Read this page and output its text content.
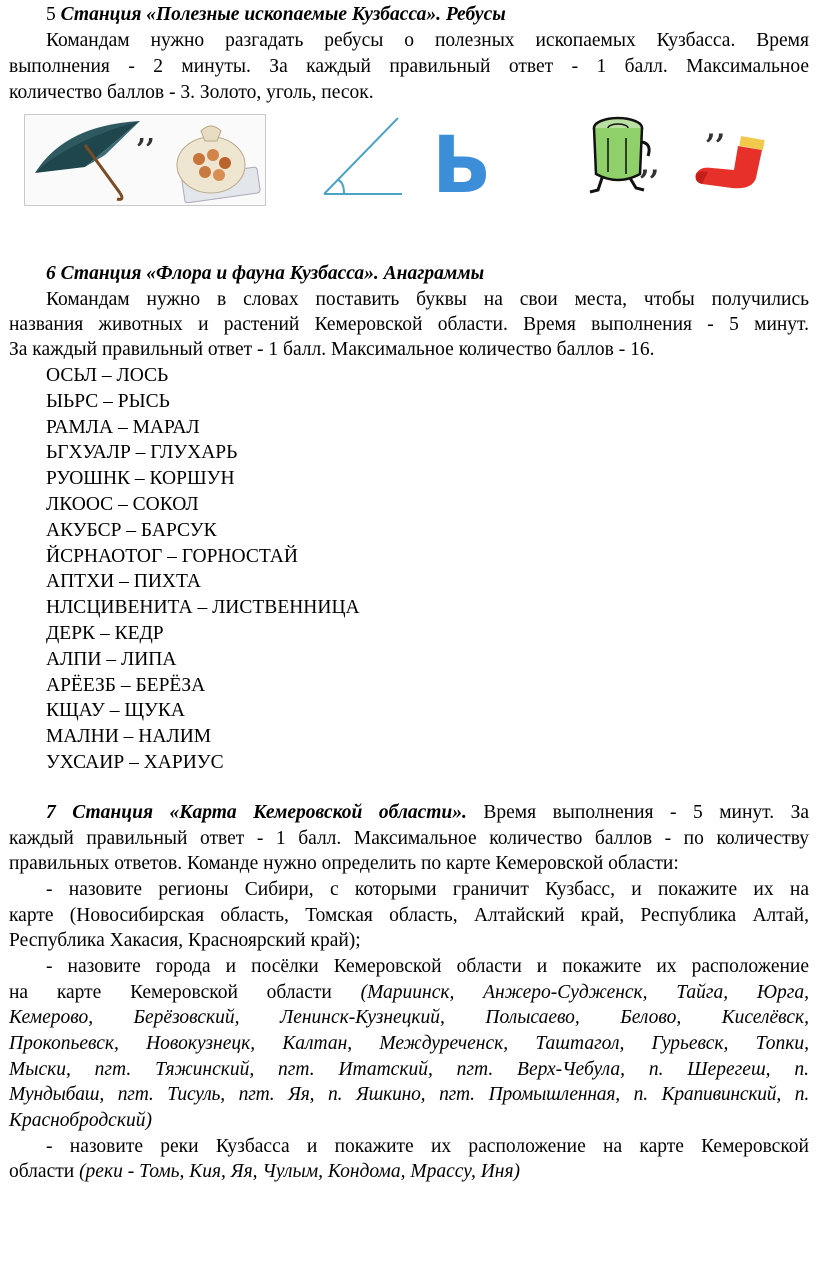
5 Станция «Полезные ископаемые Кузбасса». Ребусы

Командам нужно разгадать ребусы о полезных ископаемых Кузбасса. Время

выполнения - 2 минуты. За каждый правильный ответ - 1 балл. Максимальное

количество баллов - 3. Золото, уголь, песок.

,,	Ь	,,
,,

6 Станция «Флора и фауна Кузбасса». Анаграммы

Командам нужно в словах поставить буквы на свои места, чтобы получились

названия животных и растений Кемеровской области. Время выполнения - 5 минут.

За каждый правильный ответ - 1 балл. Максимальное количество баллов - 16.

ОСЬЛ – ЛОСЬ
ЫЬРС – РЫСЬ
РАМЛА – МАРАЛ
ЬГХУАЛР – ГЛУХАРЬ
РУОШНК – КОРШУН
ЛКООС – СОКОЛ
АКУБСР – БАРСУК
ЙСРНАОТОГ – ГОРНОСТАЙ
АПТХИ – ПИХТА
НЛСЦИВЕНИТА – ЛИСТВЕННИЦА
ДЕРК – КЕДР
АЛПИ – ЛИПА
АРЁЕЗБ – БЕРЁЗА
КЩАУ – ЩУКА
МАЛНИ – НАЛИМ
УХСАИР – ХАРИУС

7 Станция «Карта Кемеровской области». Время выполнения - 5 минут. За

каждый правильный ответ - 1 балл. Максимальное количество баллов - по количеству

правильных ответов. Команде нужно определить по карте Кемеровской области:

- назовите регионы Сибири, с которыми граничит Кузбасс, и покажите их на

карте (Новосибирская область, Томская область, Алтайский край, Республика Алтай,

Республика Хакасия, Красноярский край);

- назовите города и посёлки Кемеровской области и покажите их расположение

на карте Кемеровской области (Мариинск, Анжеро-Судженск, Тайга, Юрга,

Кемерово, Берёзовский, Ленинск-Кузнецкий, Полысаево, Белово, Киселёвск,

Прокопьевск, Новокузнецк, Калтан, Междуреченск, Таштагол, Гурьевск, Топки,

Мыски, пгт. Тяжинский, пгт. Итатский, пгт. Верх-Чебула, п. Шерегеш, п.

Мундыбаш, пгт. Тисуль, пгт. Яя, п. Яшкино, пгт. Промышленная, п. Крапивинский, п.

Краснобродский)

- назовите реки Кузбасса и покажите их расположение на карте Кемеровской

области (реки - Томь, Кия, Яя, Чулым, Кондома, Мрассу, Иня)
